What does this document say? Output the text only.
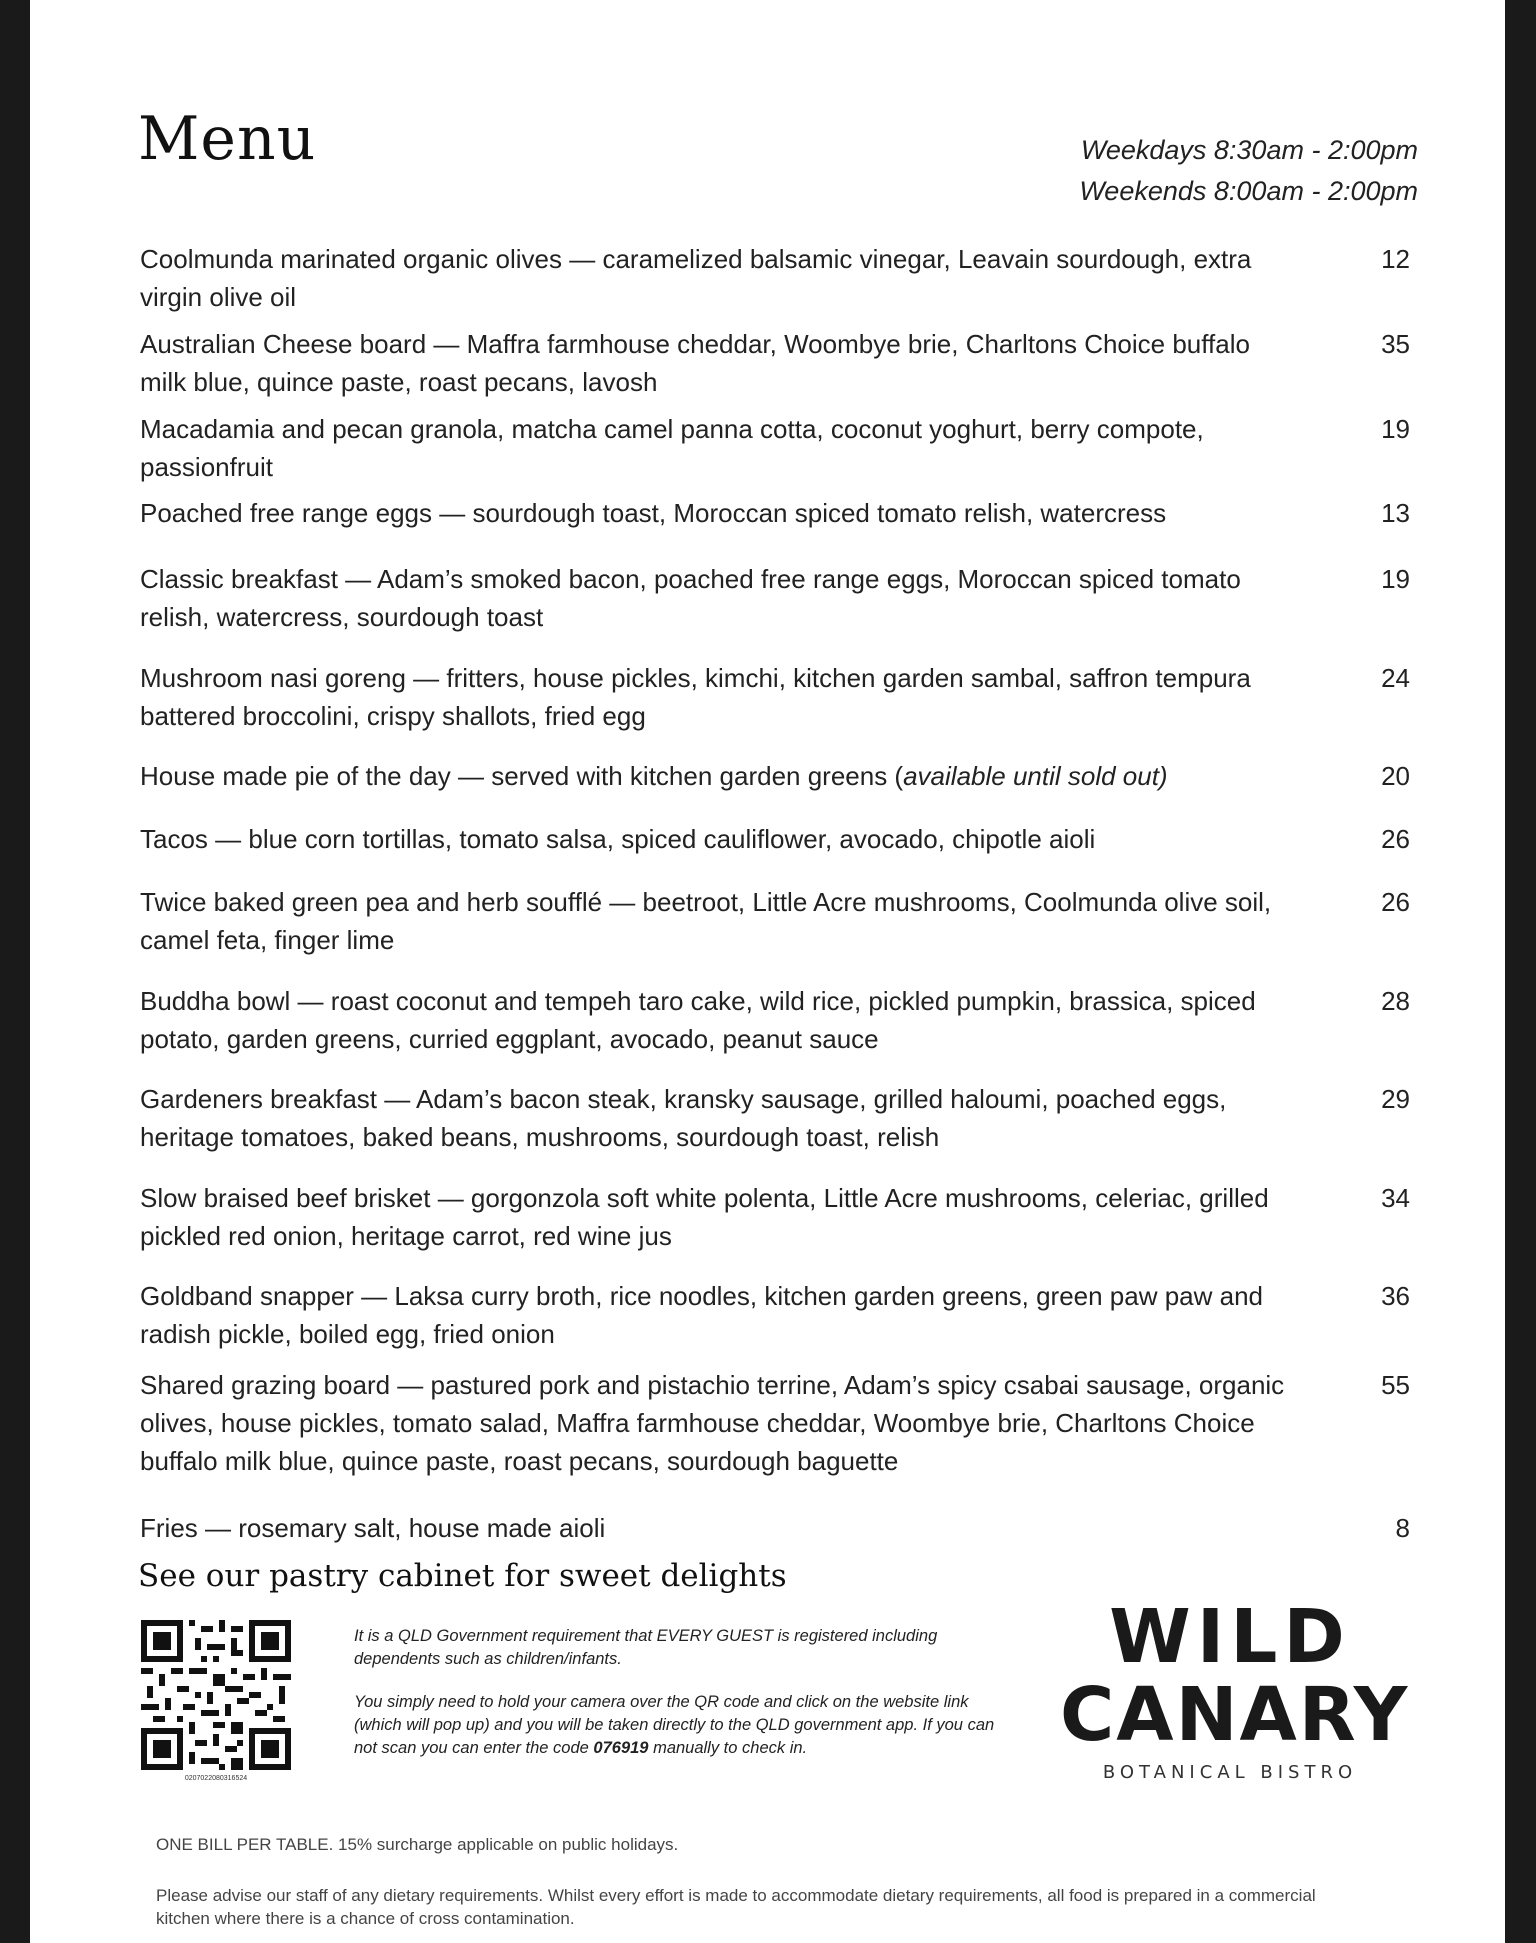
Menu	Weekdays 8:30am - 2:00pm
Weekends 8:00am - 2:00pm
Coolmunda marinated organic olives — caramelized balsamic vinegar, Leavain sourdough, extra virgin olive oil
12
Australian Cheese board — Maffra farmhouse cheddar, Woombye brie, Charltons Choice buffalo milk blue, quince paste, roast pecans, lavosh
35
Macadamia and pecan granola, matcha camel panna cotta, coconut yoghurt, berry compote, passionfruit
19
Poached free range eggs — sourdough toast, Moroccan spiced tomato relish, watercress	13
Classic breakfast — Adam’s smoked bacon, poached free range eggs, Moroccan spiced tomato relish, watercress, sourdough toast
19
Mushroom nasi goreng — fritters, house pickles, kimchi, kitchen garden sambal, saffron tempura battered broccolini, crispy shallots, fried egg
24
House made pie of the day — served with kitchen garden greens (available until sold out)	20
Tacos — blue corn tortillas, tomato salsa, spiced cauliflower, avocado, chipotle aioli	26
Twice baked green pea and herb soufflé — beetroot, Little Acre mushrooms, Coolmunda olive soil, camel feta, finger lime
26
Buddha bowl — roast coconut and tempeh taro cake, wild rice, pickled pumpkin, brassica, spiced potato, garden greens, curried eggplant, avocado, peanut sauce
28
Gardeners breakfast — Adam’s bacon steak, kransky sausage, grilled haloumi, poached eggs, heritage tomatoes, baked beans, mushrooms, sourdough toast, relish
29
Slow braised beef brisket — gorgonzola soft white polenta, Little Acre mushrooms, celeriac, grilled pickled red onion, heritage carrot, red wine jus
34
Goldband snapper — Laksa curry broth, rice noodles, kitchen garden greens, green paw paw and radish pickle, boiled egg, fried onion
36
Shared grazing board — pastured pork and pistachio terrine, Adam’s spicy csabai sausage, organic olives, house pickles, tomato salad, Maffra farmhouse cheddar, Woombye brie, Charltons Choice buffalo milk blue, quince paste, roast pecans, sourdough baguette
55
Fries — rosemary salt, house made aioli	8
See our pastry cabinet for sweet delights
0207022080316524

It is a QLD Government requirement that EVERY GUEST is registered including dependents such as children/infants.

You simply need to hold your camera over the QR code and click on the website link (which will pop up) and you will be taken directly to the QLD government app. If you can not scan you can enter the code 076919 manually to check in.

WILD
CANARY
BOTANICAL BISTRO
ONE BILL PER TABLE. 15% surcharge applicable on public holidays.
Please advise our staff of any dietary requirements. Whilst every effort is made to accommodate dietary requirements, all food is prepared in a commercial kitchen where there is a chance of cross contamination.
